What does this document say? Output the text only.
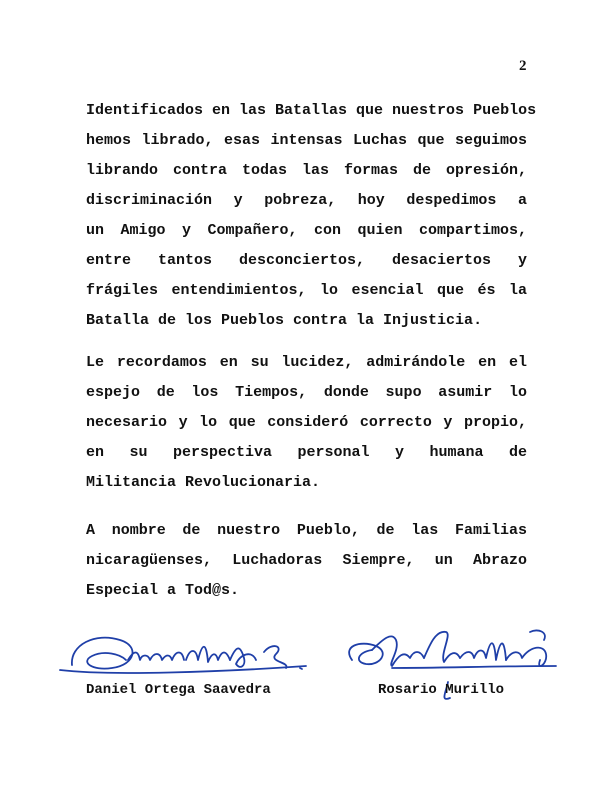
2
Identificados en las Batallas que nuestros Pueblos
hemos librado, esas intensas Luchas que seguimos
librando contra todas las formas de opresión,
discriminación y pobreza, hoy despedimos a
un Amigo y Compañero, con quien compartimos,
entre tantos desconciertos, desaciertos y
frágiles entendimientos, lo esencial que és la
Batalla de los Pueblos contra la Injusticia.
Le recordamos en su lucidez, admirándole en el
espejo de los Tiempos, donde supo asumir lo
necesario y lo que consideró correcto y propio,
en su perspectiva personal y humana de
Militancia Revolucionaria.
A nombre de nuestro Pueblo, de las Familias
nicaragüenses, Luchadoras Siempre, un Abrazo
Especial a Tod@s.
Daniel Ortega Saavedra	Rosario Murillo
